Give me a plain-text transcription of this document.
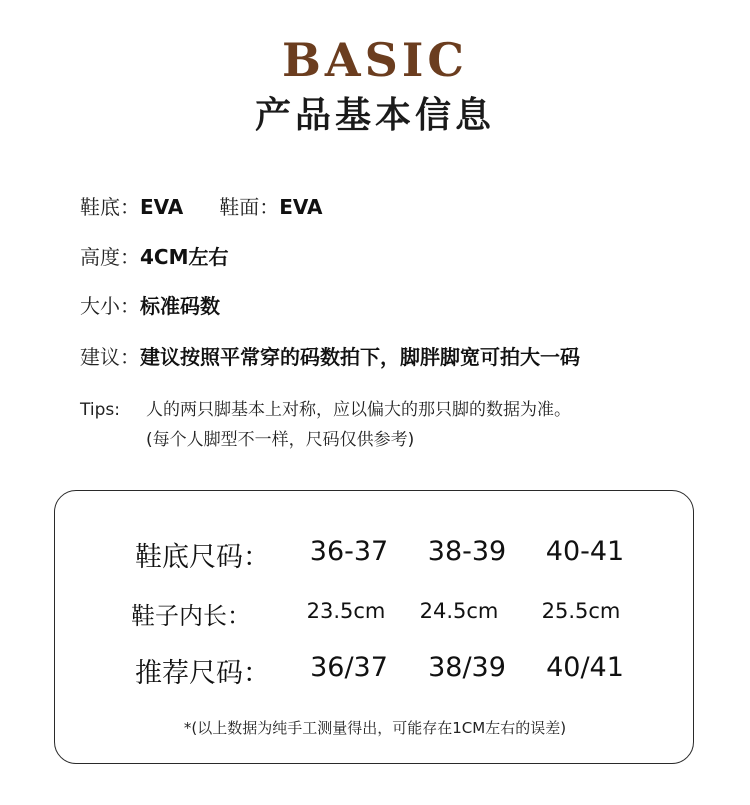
BASIC
产品基本信息
鞋底：EVA 鞋面：EVA
高度：4CM左右
大小：标准码数
建议：建议按照平常穿的码数拍下，脚胖脚宽可拍大一码
Tips: 人的两只脚基本上对称，应以偏大的那只脚的数据为准。
(每个人脚型不一样，尺码仅供参考)
鞋底尺码：	36-37	38-39	40-41
鞋子内长：	23.5cm	24.5cm	25.5cm
推荐尺码：	36/37	38/39	40/41
*(以上数据为纯手工测量得出，可能存在1CM左右的误差)
